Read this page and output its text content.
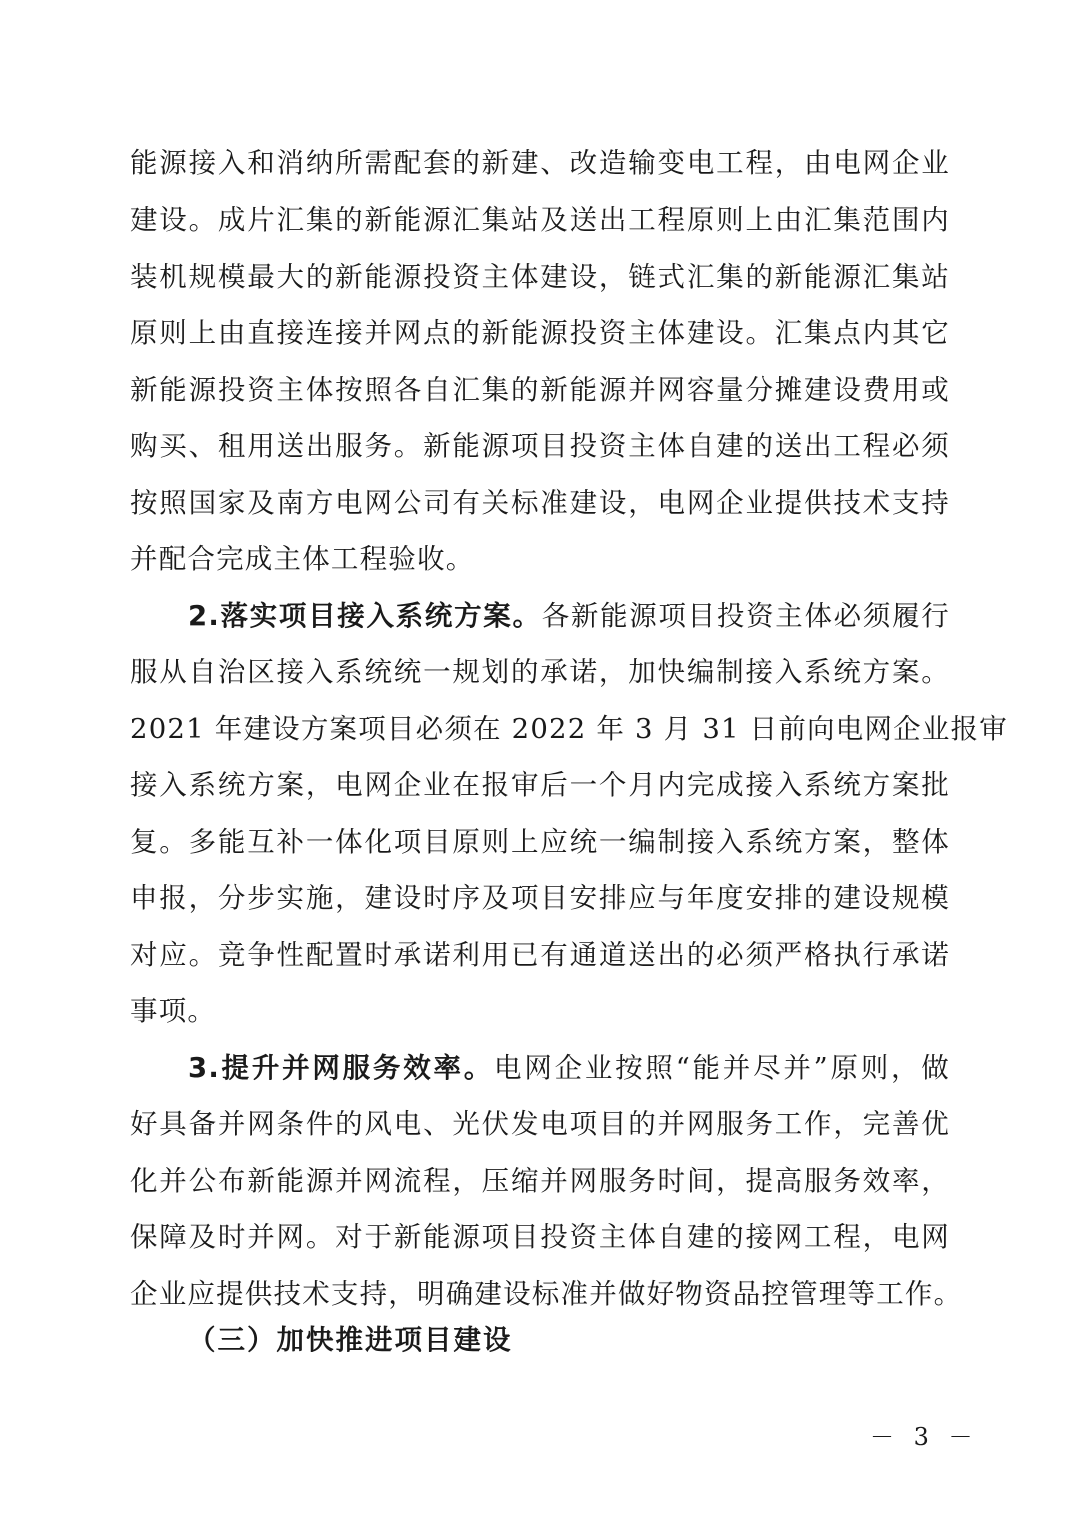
能源接入和消纳所需配套的新建、改造输变电工程，由电网企业
建设。成片汇集的新能源汇集站及送出工程原则上由汇集范围内
装机规模最大的新能源投资主体建设，链式汇集的新能源汇集站
原则上由直接连接并网点的新能源投资主体建设。汇集点内其它
新能源投资主体按照各自汇集的新能源并网容量分摊建设费用或
购买、租用送出服务。新能源项目投资主体自建的送出工程必须
按照国家及南方电网公司有关标准建设，电网企业提供技术支持
并配合完成主体工程验收。
2.落实项目接入系统方案。各新能源项目投资主体必须履行
服从自治区接入系统统一规划的承诺，加快编制接入系统方案。
2021 年建设方案项目必须在 2022 年 3 月 31 日前向电网企业报审
接入系统方案，电网企业在报审后一个月内完成接入系统方案批
复。多能互补一体化项目原则上应统一编制接入系统方案，整体
申报，分步实施，建设时序及项目安排应与年度安排的建设规模
对应。竞争性配置时承诺利用已有通道送出的必须严格执行承诺
事项。
3.提升并网服务效率。电网企业按照“能并尽并”原则，做
好具备并网条件的风电、光伏发电项目的并网服务工作，完善优
化并公布新能源并网流程，压缩并网服务时间，提高服务效率，
保障及时并网。对于新能源项目投资主体自建的接网工程，电网
企业应提供技术支持，明确建设标准并做好物资品控管理等工作。
（三）加快推进项目建设
－ 3 －
